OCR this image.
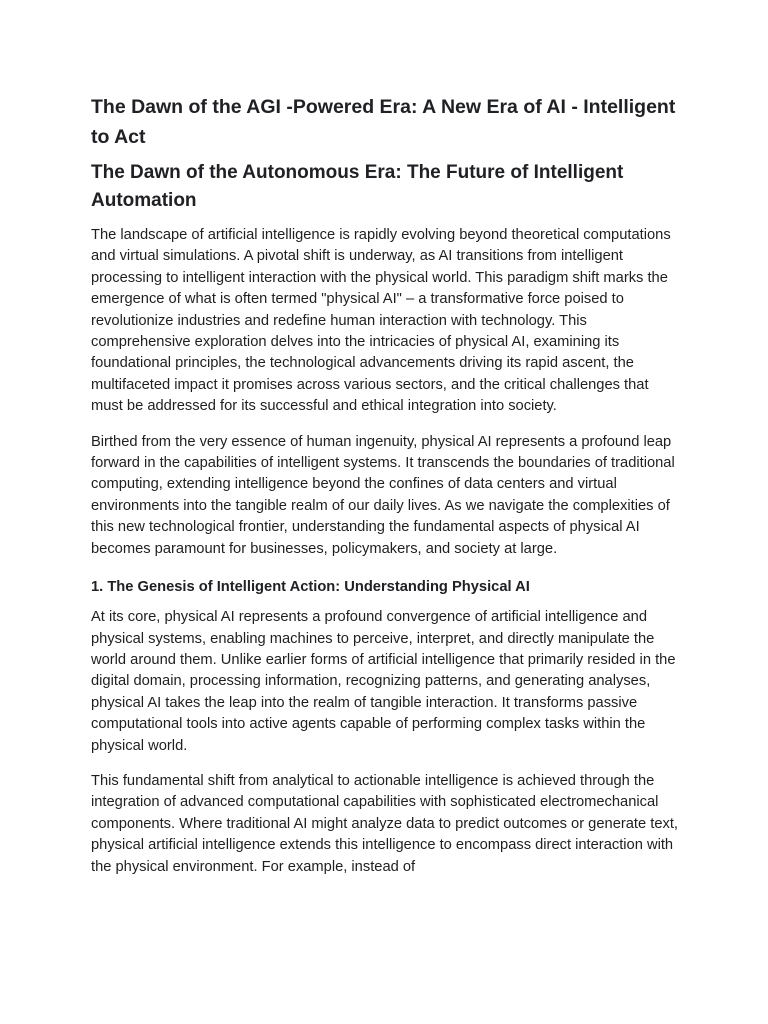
The Dawn of the AGI -Powered Era: A New Era of AI - Intelligent to Act
The Dawn of the Autonomous Era: The Future of Intelligent Automation

The landscape of artificial intelligence is rapidly evolving beyond theoretical computations and virtual simulations. A pivotal shift is underway, as AI transitions from intelligent processing to intelligent interaction with the physical world. This paradigm shift marks the emergence of what is often termed "physical AI" – a transformative force poised to revolutionize industries and redefine human interaction with technology. This comprehensive exploration delves into the intricacies of physical AI, examining its foundational principles, the technological advancements driving its rapid ascent, the multifaceted impact it promises across various sectors, and the critical challenges that must be addressed for its successful and ethical integration into society.

Birthed from the very essence of human ingenuity, physical AI represents a profound leap forward in the capabilities of intelligent systems. It transcends the boundaries of traditional computing, extending intelligence beyond the confines of data centers and virtual environments into the tangible realm of our daily lives. As we navigate the complexities of this new technological frontier, understanding the fundamental aspects of physical AI becomes paramount for businesses, policymakers, and society at large.

1. The Genesis of Intelligent Action: Understanding Physical AI

At its core, physical AI represents a profound convergence of artificial intelligence and physical systems, enabling machines to perceive, interpret, and directly manipulate the world around them. Unlike earlier forms of artificial intelligence that primarily resided in the digital domain, processing information, recognizing patterns, and generating analyses, physical AI takes the leap into the realm of tangible interaction. It transforms passive computational tools into active agents capable of performing complex tasks within the physical world.

This fundamental shift from analytical to actionable intelligence is achieved through the integration of advanced computational capabilities with sophisticated electromechanical components. Where traditional AI might analyze data to predict outcomes or generate text, physical artificial intelligence extends this intelligence to encompass direct interaction with the physical environment. For example, instead of
